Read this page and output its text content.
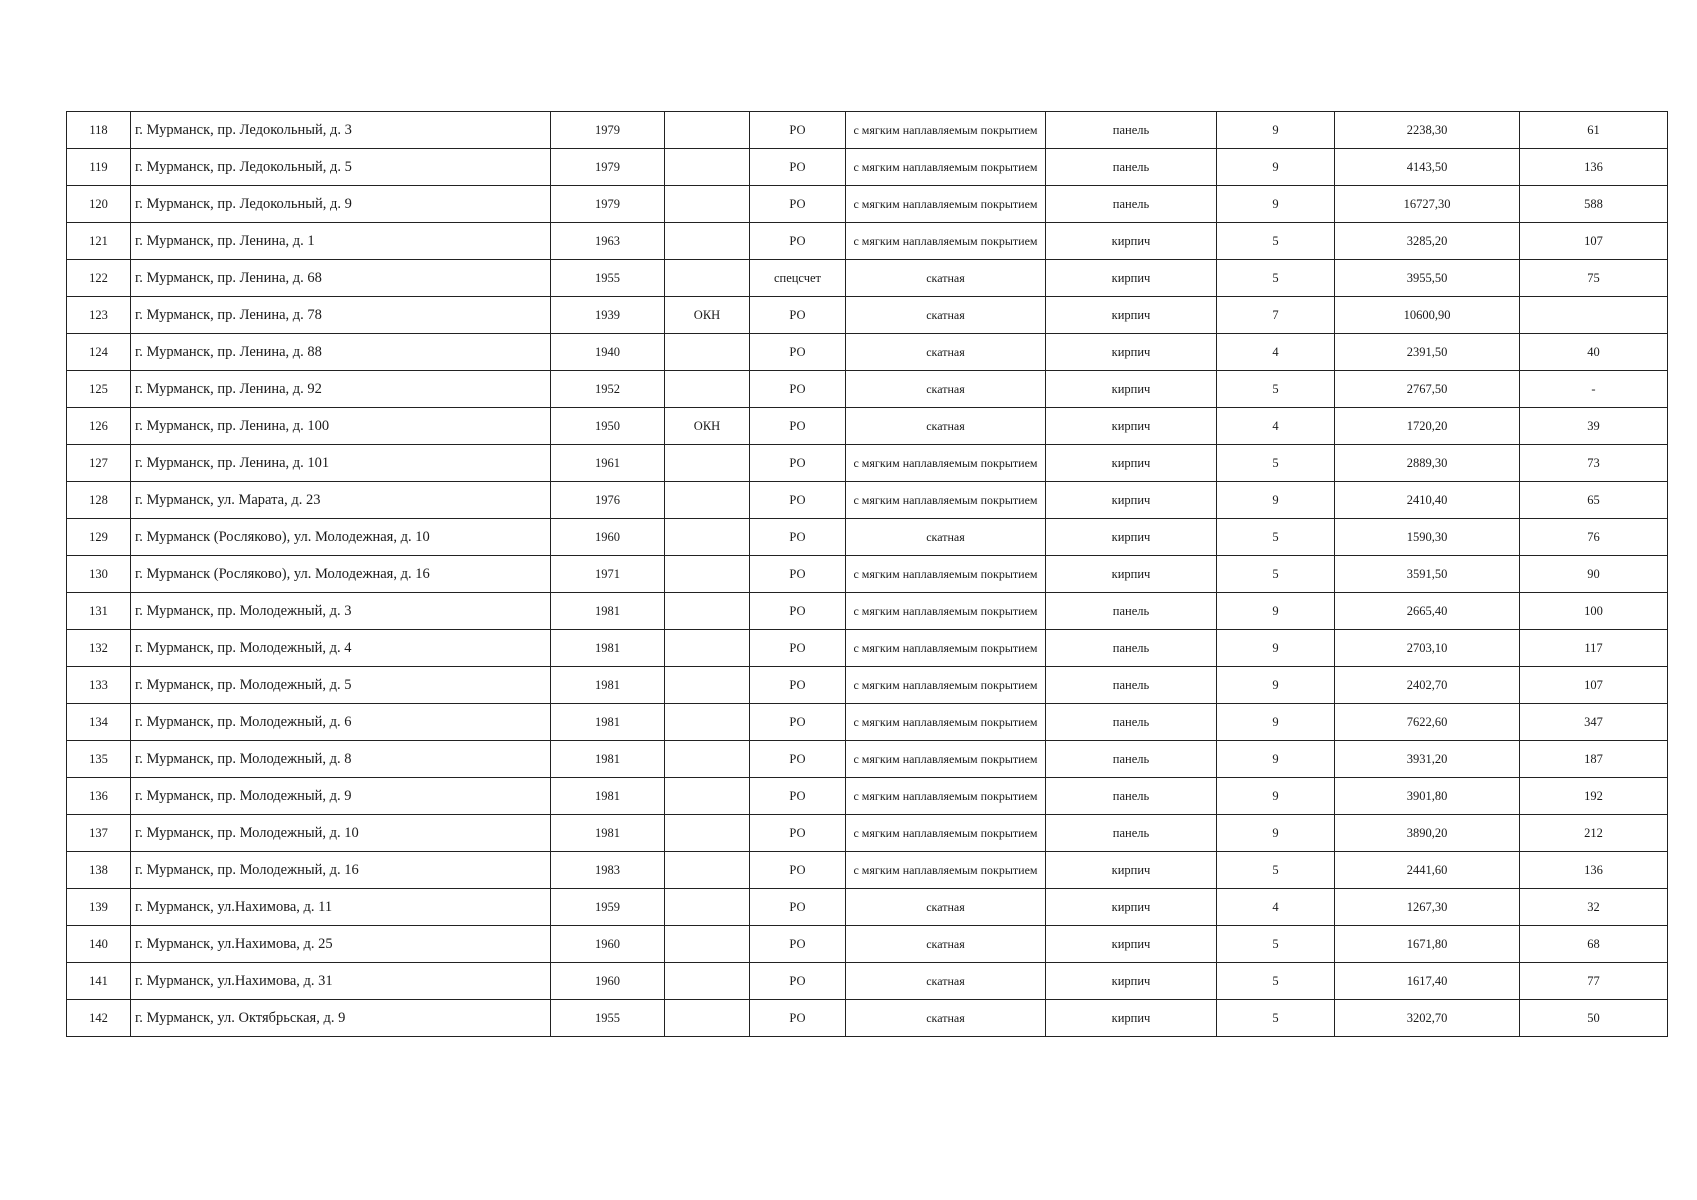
118	г. Мурманск, пр. Ледокольный, д. 3	1979		РО	с мягким наплавляемым покрытием	панель	9	2238,30	61
119	г. Мурманск, пр. Ледокольный, д. 5	1979		РО	с мягким наплавляемым покрытием	панель	9	4143,50	136
120	г. Мурманск, пр. Ледокольный, д. 9	1979		РО	с мягким наплавляемым покрытием	панель	9	16727,30	588
121	г. Мурманск, пр. Ленина, д. 1	1963		РО	с мягким наплавляемым покрытием	кирпич	5	3285,20	107
122	г. Мурманск, пр. Ленина, д. 68	1955		спецсчет	скатная	кирпич	5	3955,50	75
123	г. Мурманск, пр. Ленина, д. 78	1939	ОКН	РО	скатная	кирпич	7	10600,90	
124	г. Мурманск, пр. Ленина, д. 88	1940		РО	скатная	кирпич	4	2391,50	40
125	г. Мурманск, пр. Ленина, д. 92	1952		РО	скатная	кирпич	5	2767,50	-
126	г. Мурманск, пр. Ленина, д. 100	1950	ОКН	РО	скатная	кирпич	4	1720,20	39
127	г. Мурманск, пр. Ленина, д. 101	1961		РО	с мягким наплавляемым покрытием	кирпич	5	2889,30	73
128	г. Мурманск, ул. Марата, д. 23	1976		РО	с мягким наплавляемым покрытием	кирпич	9	2410,40	65
129	г. Мурманск (Росляково), ул. Молодежная, д. 10	1960		РО	скатная	кирпич	5	1590,30	76
130	г. Мурманск (Росляково), ул. Молодежная, д. 16	1971		РО	с мягким наплавляемым покрытием	кирпич	5	3591,50	90
131	г. Мурманск, пр. Молодежный, д. 3	1981		РО	с мягким наплавляемым покрытием	панель	9	2665,40	100
132	г. Мурманск, пр. Молодежный, д. 4	1981		РО	с мягким наплавляемым покрытием	панель	9	2703,10	117
133	г. Мурманск, пр. Молодежный, д. 5	1981		РО	с мягким наплавляемым покрытием	панель	9	2402,70	107
134	г. Мурманск, пр. Молодежный, д. 6	1981		РО	с мягким наплавляемым покрытием	панель	9	7622,60	347
135	г. Мурманск, пр. Молодежный, д. 8	1981		РО	с мягким наплавляемым покрытием	панель	9	3931,20	187
136	г. Мурманск, пр. Молодежный, д. 9	1981		РО	с мягким наплавляемым покрытием	панель	9	3901,80	192
137	г. Мурманск, пр. Молодежный, д. 10	1981		РО	с мягким наплавляемым покрытием	панель	9	3890,20	212
138	г. Мурманск, пр. Молодежный, д. 16	1983		РО	с мягким наплавляемым покрытием	кирпич	5	2441,60	136
139	г. Мурманск, ул.Нахимова, д. 11	1959		РО	скатная	кирпич	4	1267,30	32
140	г. Мурманск, ул.Нахимова, д. 25	1960		РО	скатная	кирпич	5	1671,80	68
141	г. Мурманск, ул.Нахимова, д. 31	1960		РО	скатная	кирпич	5	1617,40	77
142	г. Мурманск, ул. Октябрьская, д. 9	1955		РО	скатная	кирпич	5	3202,70	50
